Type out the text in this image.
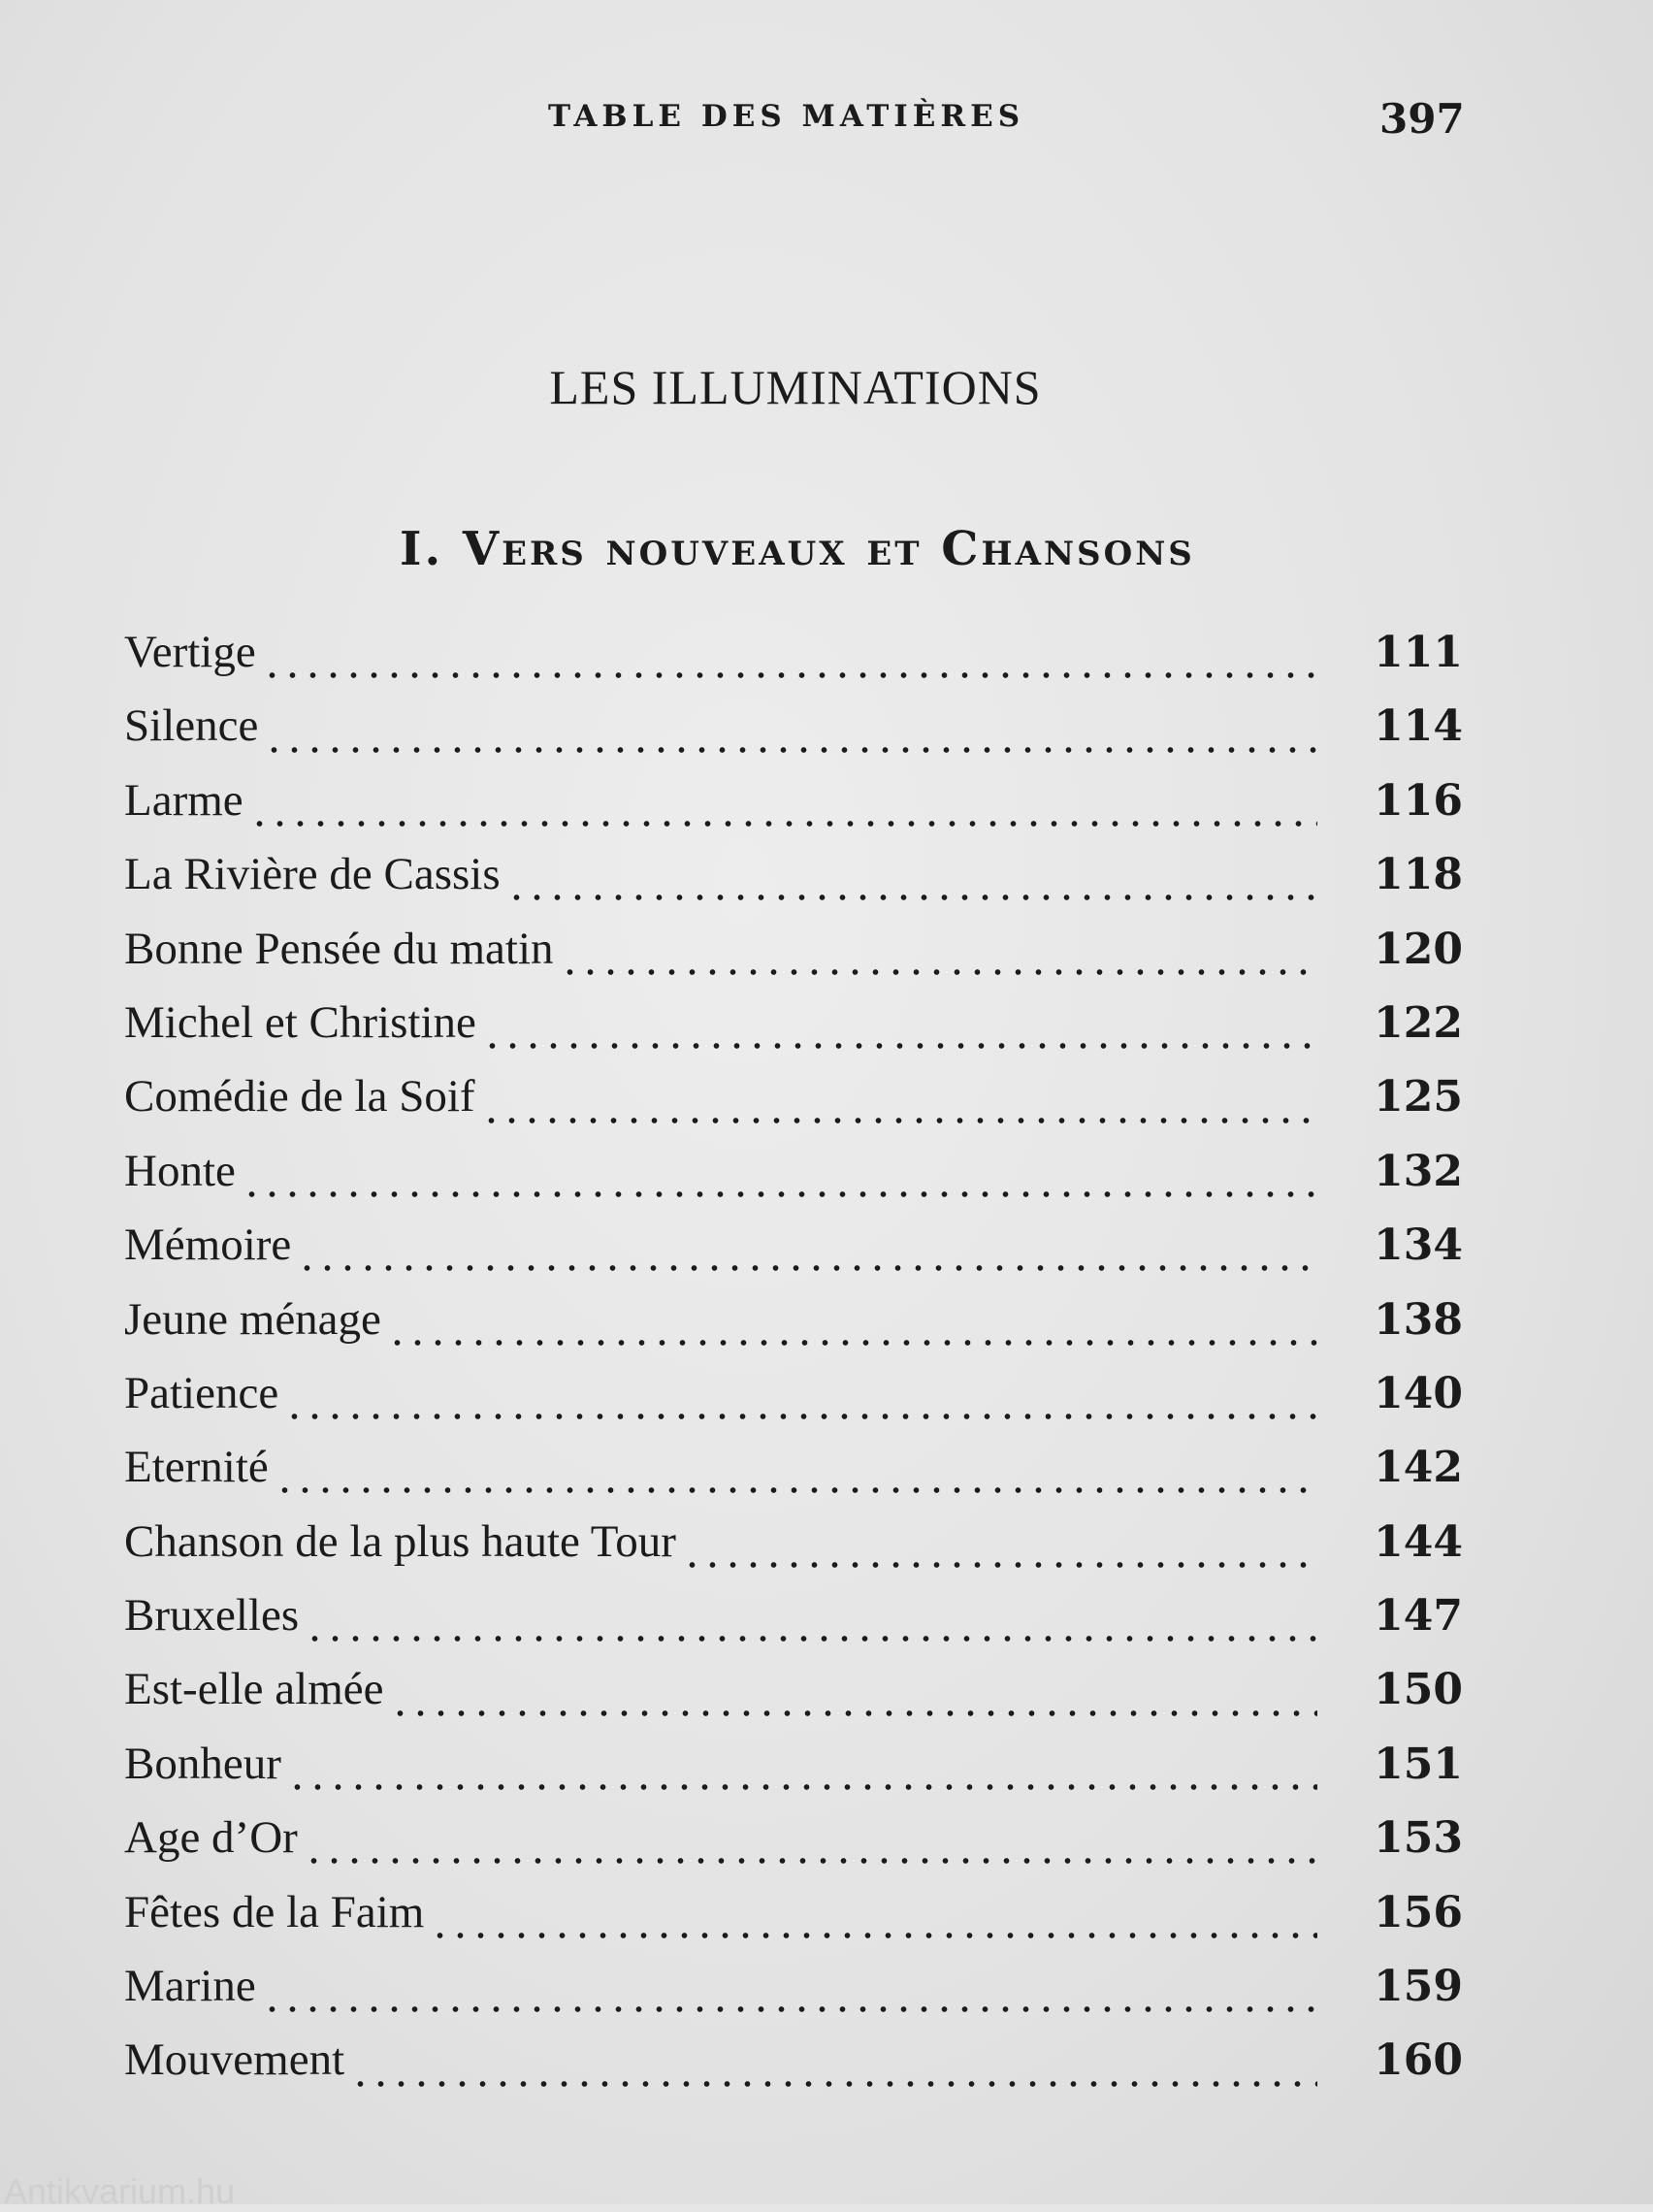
TABLE DES MATIÈRES	397
LES ILLUMINATIONS
I. Vers nouveaux et Chansons
Vertige	111
Silence	114
Larme	116
La Rivière de Cassis	118
Bonne Pensée du matin	120
Michel et Christine	122
Comédie de la Soif	125
Honte	132
Mémoire	134
Jeune ménage	138
Patience	140
Eternité	142
Chanson de la plus haute Tour	144
Bruxelles	147
Est-elle almée	150
Bonheur	151
Age d’Or	153
Fêtes de la Faim	156
Marine	159
Mouvement	160
Antikvarium.hu
